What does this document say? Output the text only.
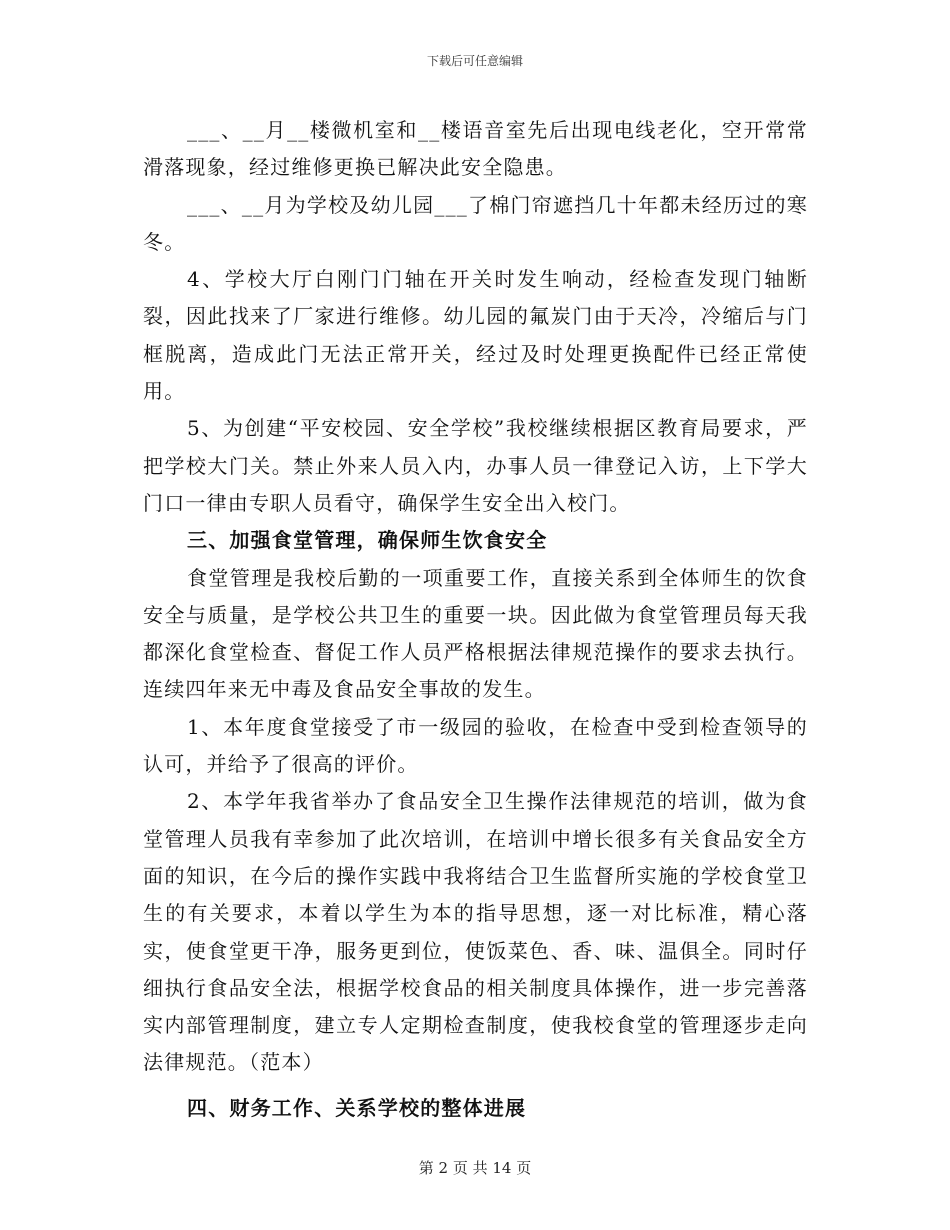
下载后可任意编辑

___、__月__楼微机室和__楼语音室先后出现电线老化，空开常常滑落现象，经过维修更换已解决此安全隐患。

___、__月为学校及幼儿园___了棉门帘遮挡几十年都未经历过的寒冬。

4、学校大厅白刚门门轴在开关时发生响动，经检查发现门轴断裂，因此找来了厂家进行维修。幼儿园的氟炭门由于天冷，冷缩后与门框脱离，造成此门无法正常开关，经过及时处理更换配件已经正常使用。

5、为创建“平安校园、安全学校”我校继续根据区教育局要求，严把学校大门关。禁止外来人员入内，办事人员一律登记入访，上下学大门口一律由专职人员看守，确保学生安全出入校门。

三、加强食堂管理，确保师生饮食安全

食堂管理是我校后勤的一项重要工作，直接关系到全体师生的饮食安全与质量，是学校公共卫生的重要一块。因此做为食堂管理员每天我都深化食堂检查、督促工作人员严格根据法律规范操作的要求去执行。连续四年来无中毒及食品安全事故的发生。

1、本年度食堂接受了市一级园的验收，在检查中受到检查领导的认可，并给予了很高的评价。

2、本学年我省举办了食品安全卫生操作法律规范的培训，做为食堂管理人员我有幸参加了此次培训，在培训中增长很多有关食品安全方面的知识，在今后的操作实践中我将结合卫生监督所实施的学校食堂卫生的有关要求，本着以学生为本的指导思想，逐一对比标准，精心落实，使食堂更干净，服务更到位，使饭菜色、香、味、温俱全。同时仔细执行食品安全法，根据学校食品的相关制度具体操作，进一步完善落实内部管理制度，建立专人定期检查制度，使我校食堂的管理逐步走向法律规范。（范本）

四、财务工作、关系学校的整体进展

第 2 页 共 14 页
